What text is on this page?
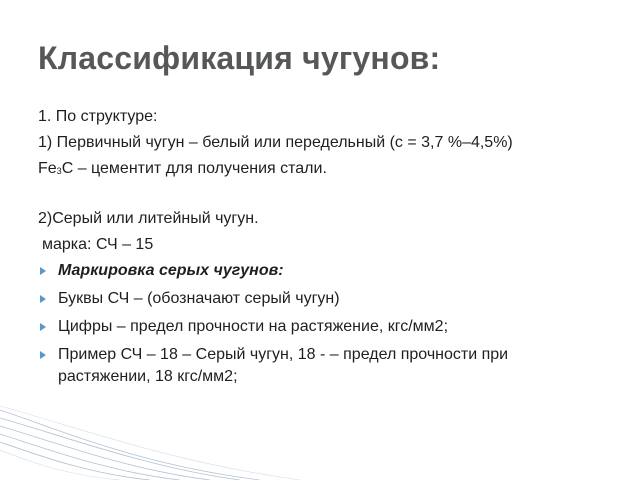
Классификация чугунов:
1. По структуре:
1) Первичный чугун – белый или передельный (с = 3,7 %–4,5%)
Fe3С – цементит для получения стали.
2)Серый или литейный чугун.
марка: СЧ – 15
Маркировка серых чугунов:
Буквы СЧ – (обозначают серый чугун)
Цифры – предел прочности на растяжение, кгс/мм2;
Пример СЧ – 18 – Серый чугун, 18 - – предел прочности при растяжении, 18 кгс/мм2;
